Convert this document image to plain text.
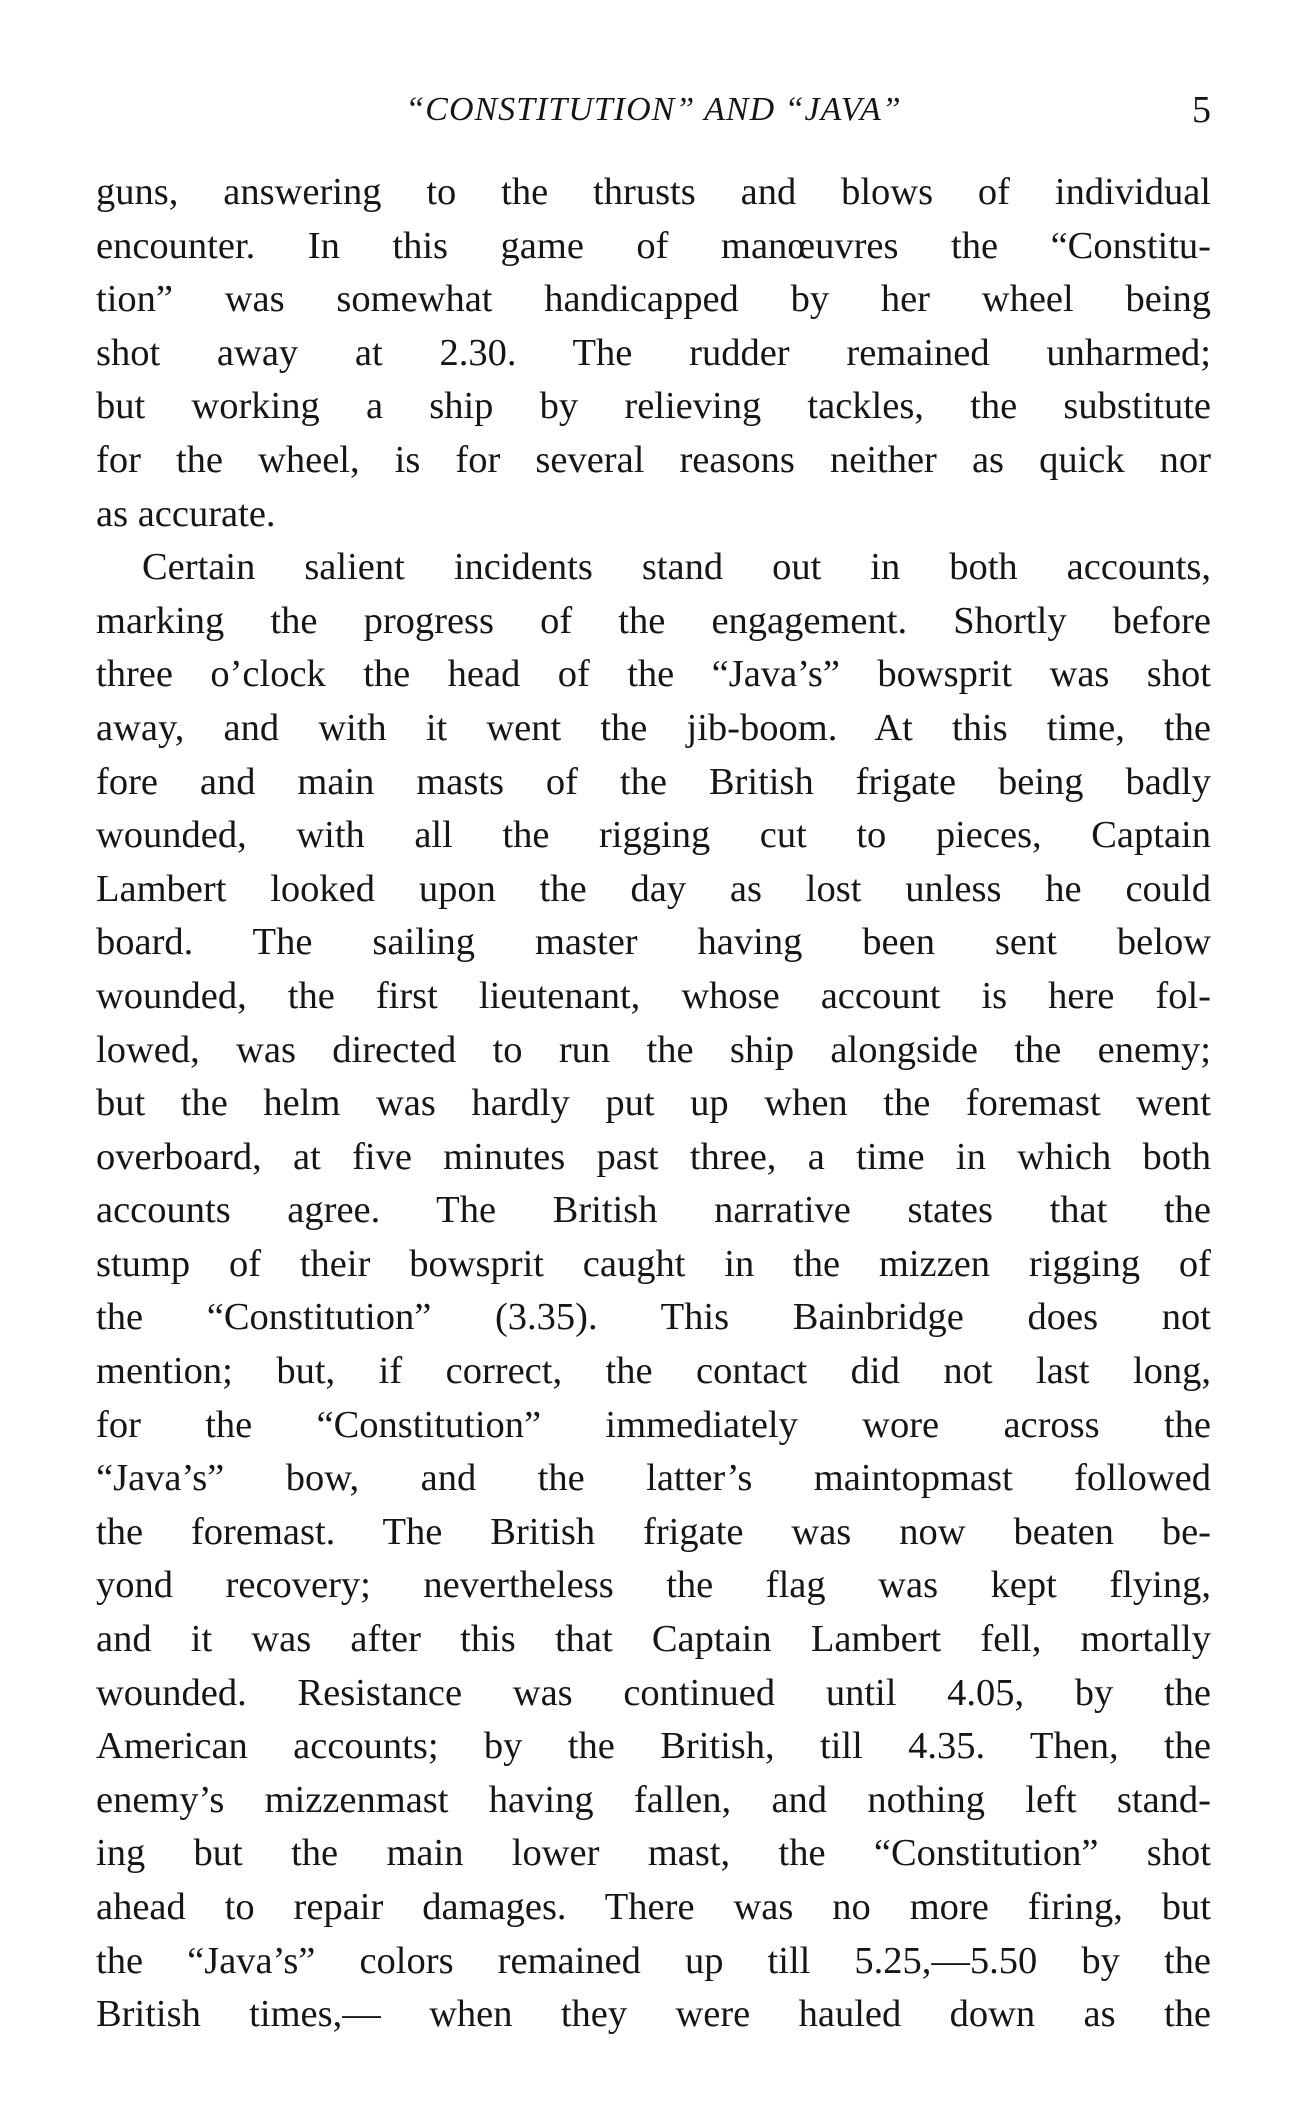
“CONSTITUTION” AND “JAVA”	5
guns, answering to the thrusts and blows of individual
encounter. In this game of manœuvres the “Constitu-
tion” was somewhat handicapped by her wheel being
shot away at 2.30. The rudder remained unharmed;
but working a ship by relieving tackles, the substitute
for the wheel, is for several reasons neither as quick nor
as accurate.
Certain salient incidents stand out in both accounts,
marking the progress of the engagement. Shortly before
three o’clock the head of the “Java’s” bowsprit was shot
away, and with it went the jib-boom. At this time, the
fore and main masts of the British frigate being badly
wounded, with all the rigging cut to pieces, Captain
Lambert looked upon the day as lost unless he could
board. The sailing master having been sent below
wounded, the first lieutenant, whose account is here fol-
lowed, was directed to run the ship alongside the enemy;
but the helm was hardly put up when the foremast went
overboard, at five minutes past three, a time in which both
accounts agree. The British narrative states that the
stump of their bowsprit caught in the mizzen rigging of
the “Constitution” (3.35). This Bainbridge does not
mention; but, if correct, the contact did not last long,
for the “Constitution” immediately wore across the
“Java’s” bow, and the latter’s maintopmast followed
the foremast. The British frigate was now beaten be-
yond recovery; nevertheless the flag was kept flying,
and it was after this that Captain Lambert fell, mortally
wounded. Resistance was continued until 4.05, by the
American accounts; by the British, till 4.35. Then, the
enemy’s mizzenmast having fallen, and nothing left stand-
ing but the main lower mast, the “Constitution” shot
ahead to repair damages. There was no more firing, but
the “Java’s” colors remained up till 5.25,—5.50 by the
British times,— when they were hauled down as the
